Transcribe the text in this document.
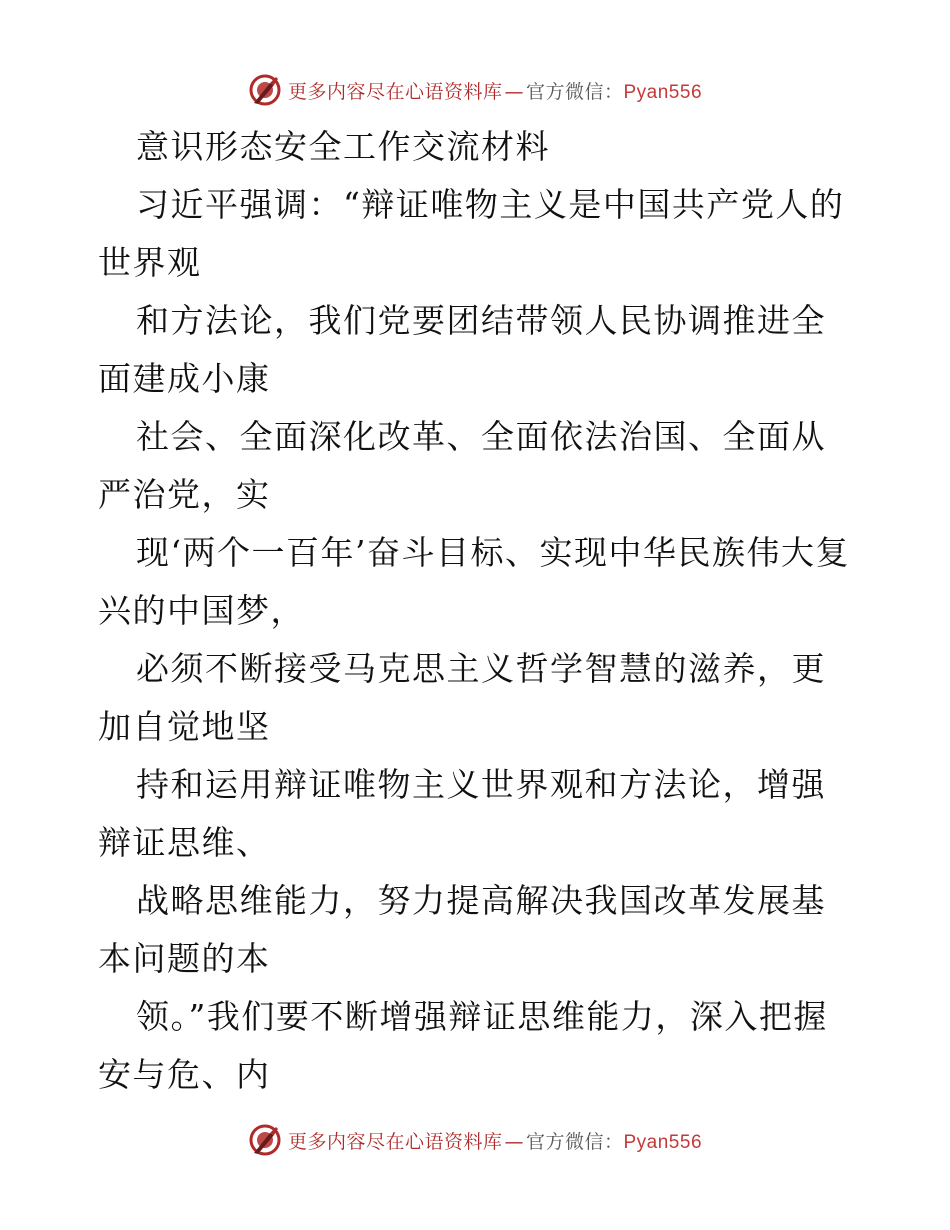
更多内容尽在心语资料库 — 官方微信：Pyan556

意识形态安全工作交流材料

习近平强调：“辩证唯物主义是中国共产党人的世界观

和方法论，我们党要团结带领人民协调推进全面建成小康

社会、全面深化改革、全面依法治国、全面从严治党，实

现‘两个一百年’奋斗目标、实现中华民族伟大复兴的中国梦，

必须不断接受马克思主义哲学智慧的滋养，更加自觉地坚

持和运用辩证唯物主义世界观和方法论，增强辩证思维、

战略思维能力，努力提高解决我国改革发展基本问题的本

领。”我们要不断增强辩证思维能力，深入把握安与危、内

更多内容尽在心语资料库 — 官方微信：Pyan556
